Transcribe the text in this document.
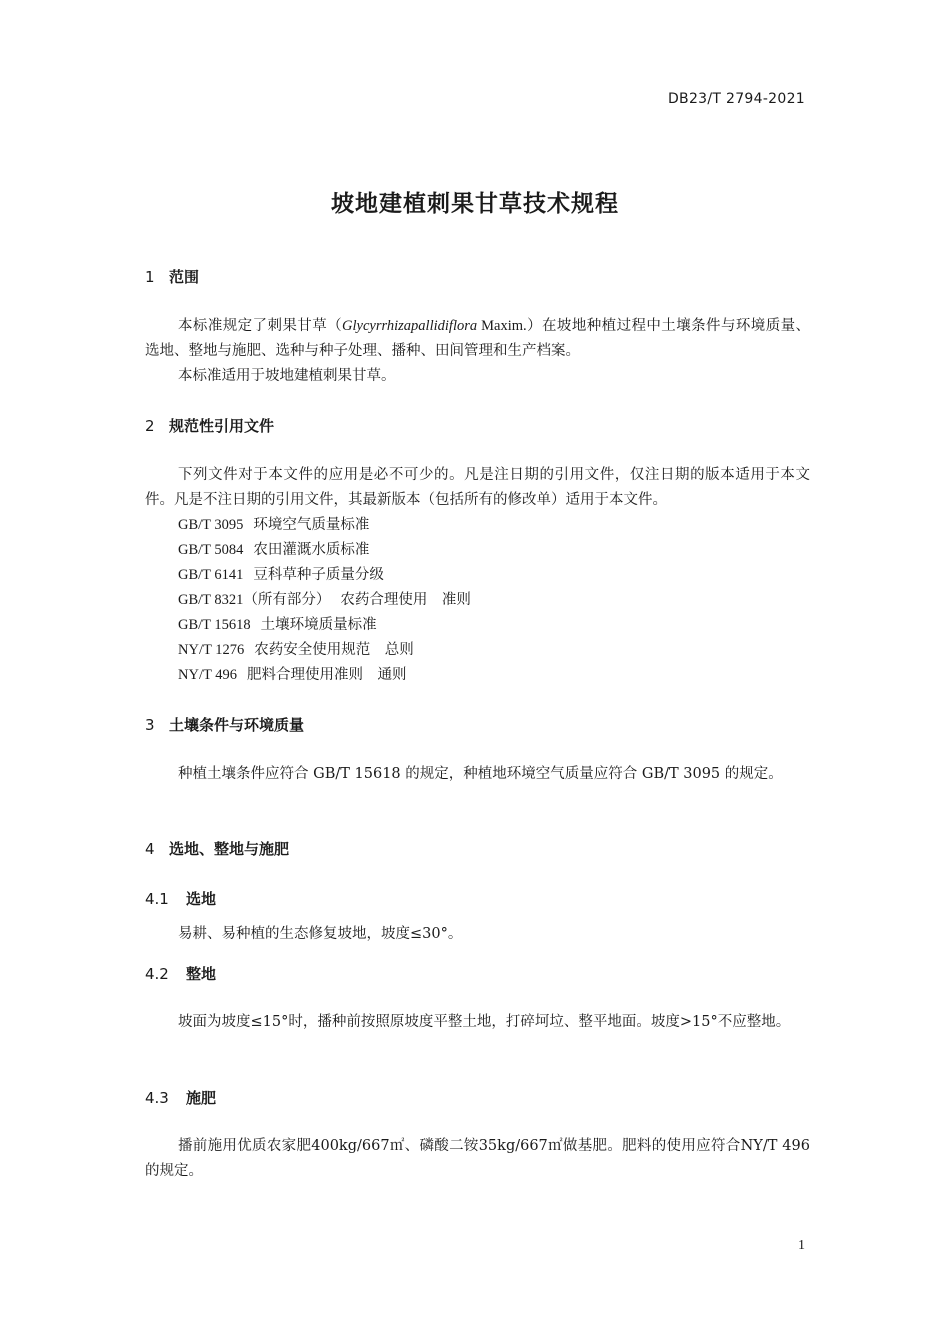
DB23/T 2794-2021
坡地建植刺果甘草技术规程
1 范围
本标准规定了刺果甘草（Glycyrrhizapallidiflora Maxim.）在坡地种植过程中土壤条件与环境质量、选地、整地与施肥、选种与种子处理、播种、田间管理和生产档案。
本标准适用于坡地建植刺果甘草。
2 规范性引用文件
下列文件对于本文件的应用是必不可少的。凡是注日期的引用文件，仅注日期的版本适用于本文件。凡是不注日期的引用文件，其最新版本（包括所有的修改单）适用于本文件。
GB/T 3095 环境空气质量标准
GB/T 5084 农田灌溉水质标准
GB/T 6141 豆科草种子质量分级
GB/T 8321（所有部分） 农药合理使用　准则
GB/T 15618 土壤环境质量标准
NY/T 1276 农药安全使用规范　总则
NY/T 496 肥料合理使用准则　通则
3 土壤条件与环境质量
种植土壤条件应符合 GB/T 15618 的规定，种植地环境空气质量应符合 GB/T 3095 的规定。
4 选地、整地与施肥
4.1 选地
易耕、易种植的生态修复坡地，坡度≤30°。
4.2 整地
坡面为坡度≤15°时，播种前按照原坡度平整土地，打碎坷垃、整平地面。坡度>15°不应整地。
4.3 施肥
播前施用优质农家肥400kg/667㎡、磷酸二铵35kg/667㎡做基肥。肥料的使用应符合NY/T 496 的规定。
1
